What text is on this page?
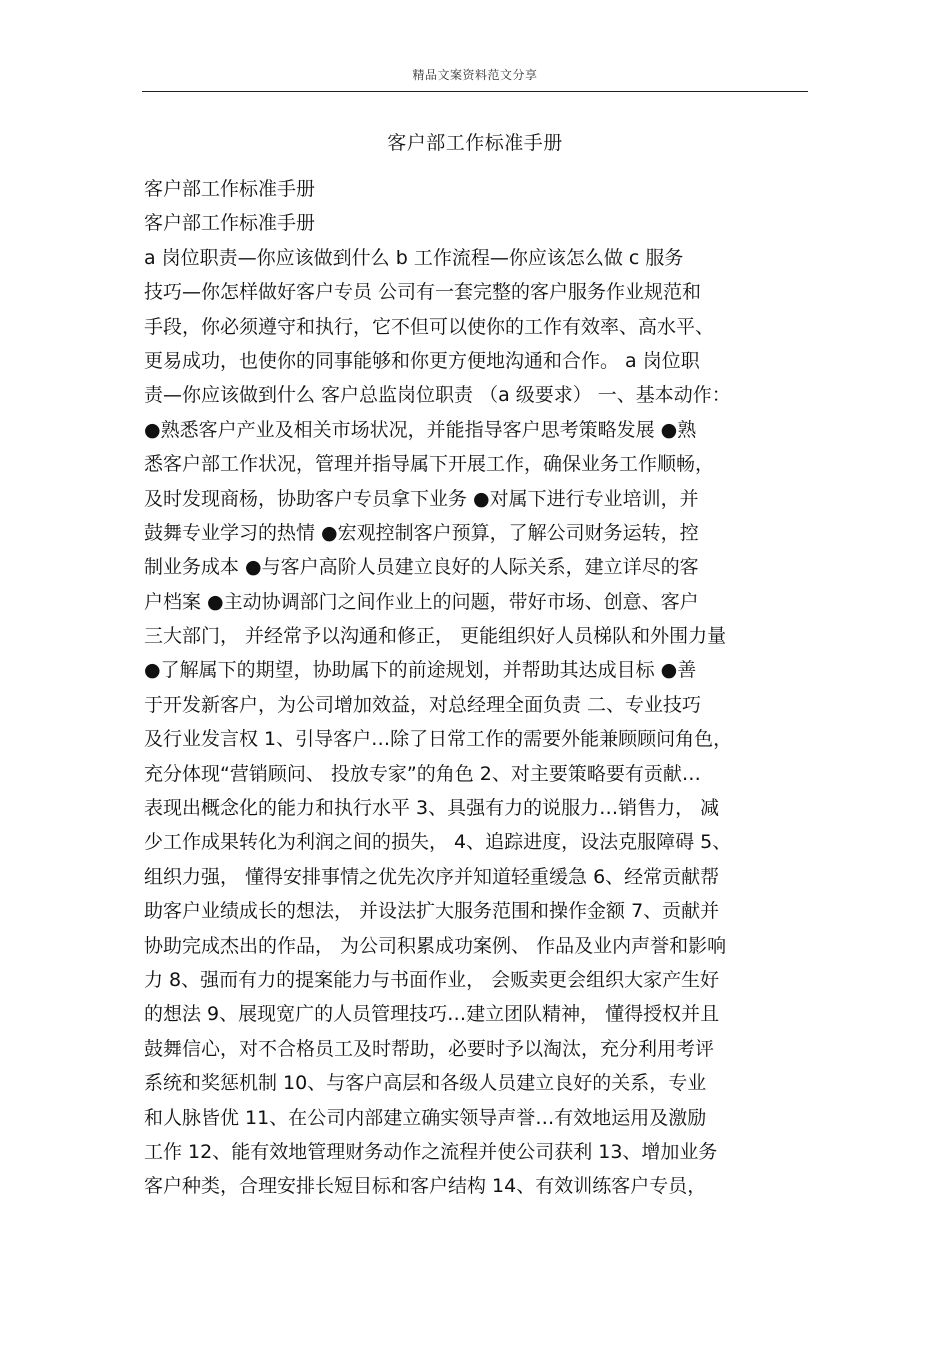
精品文案资料范文分享
客户部工作标准手册
客户部工作标准手册
客户部工作标准手册
a 岗位职责—你应该做到什么 b 工作流程—你应该怎么做 c 服务
技巧—你怎样做好客户专员 公司有一套完整的客户服务作业规范和
手段，你必须遵守和执行，它不但可以使你的工作有效率、高水平、
更易成功，也使你的同事能够和你更方便地沟通和合作。 a 岗位职
责—你应该做到什么 客户总监岗位职责 （a 级要求） 一、基本动作：
●熟悉客户产业及相关市场状况，并能指导客户思考策略发展 ●熟
悉客户部工作状况，管理并指导属下开展工作，确保业务工作顺畅，
及时发现商杨，协助客户专员拿下业务 ●对属下进行专业培训，并
鼓舞专业学习的热情 ●宏观控制客户预算，了解公司财务运转，控
制业务成本 ●与客户高阶人员建立良好的人际关系，建立详尽的客
户档案 ●主动协调部门之间作业上的问题，带好市场、创意、客户
三大部门， 并经常予以沟通和修正， 更能组织好人员梯队和外围力量
●了解属下的期望，协助属下的前途规划，并帮助其达成目标 ●善
于开发新客户，为公司增加效益，对总经理全面负责 二、专业技巧
及行业发言权 1、引导客户…除了日常工作的需要外能兼顾顾问角色，
充分体现“营销顾问、 投放专家”的角色 2、对主要策略要有贡献…
表现出概念化的能力和执行水平 3、具强有力的说服力…销售力， 减
少工作成果转化为利润之间的损失， 4、追踪进度，设法克服障碍 5、
组织力强， 懂得安排事情之优先次序并知道轻重缓急 6、经常贡献帮
助客户业绩成长的想法， 并设法扩大服务范围和操作金额 7、贡献并
协助完成杰出的作品， 为公司积累成功案例、 作品及业内声誉和影响
力 8、强而有力的提案能力与书面作业， 会贩卖更会组织大家产生好
的想法 9、展现宽广的人员管理技巧…建立团队精神， 懂得授权并且
鼓舞信心，对不合格员工及时帮助，必要时予以淘汰，充分利用考评
系统和奖惩机制 10、与客户高层和各级人员建立良好的关系，专业
和人脉皆优 11、在公司内部建立确实领导声誉…有效地运用及激励
工作 12、能有效地管理财务动作之流程并使公司获利 13、增加业务
客户种类，合理安排长短目标和客户结构 14、有效训练客户专员，
